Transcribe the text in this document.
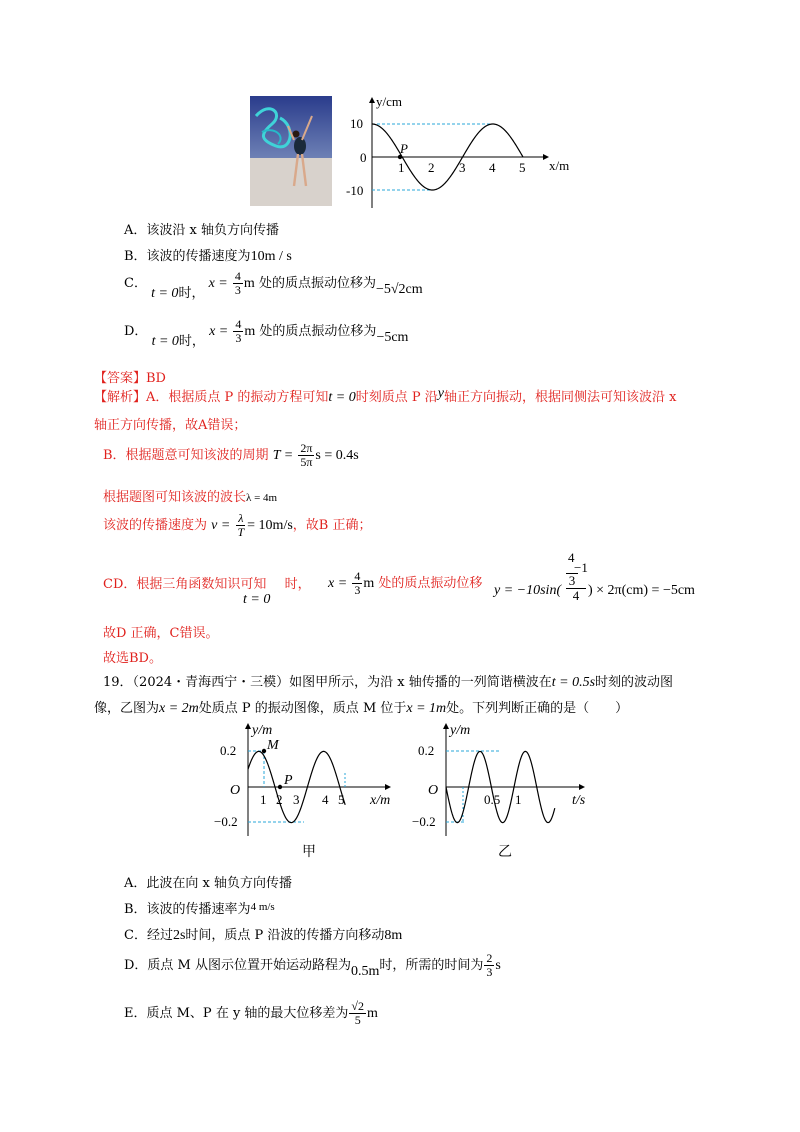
y/cm
x/m
P
10
0
-10
1 2 3 4 5
A．该波沿 x 轴负方向传播
B．该波的传播速度为10m / s
C． t = 0时， $x = \frac{4}{3}$ m 处的质点振动位移为−5√2cm
D． t = 0时， $x = \frac{4}{3}$ m 处的质点振动位移为−5cm
【答案】BD
【解析】A．根据质点 P 的振动方程可知t = 0时刻质点 P 沿y轴正方向振动，根据同侧法可知该波沿 x
轴正方向传播，故A错误；
B．根据题意可知该波的周期 $T = \frac{2\pi}{5\pi}$ s = 0.4s
根据题图可知该波的波长λ = 4m
该波的传播速度为 $v = \frac{\lambda}{T} = 10m/s$，故B 正确；
CD．根据三角函数知识可知 时，
t = 0
$x = \frac{4}{3}$ m 处的质点振动位移 y = −10sin(
4
−1
3
4 ) × 2π(cm) = −5cm
故D 正确，C错误。
故选BD。
19．（2024・青海西宁・三模）如图甲所示，为沿 x 轴传播的一列简谐横波在t = 0.5s时刻的波动图
像，乙图为x = 2m处质点 P 的振动图像，质点 M 位于x = 1m处。下列判断正确的是（　　）
y/m
x/m
O
M
P
0.2
−0.2
1 2 3 4 5
甲
y/m
t/s
O
0.2
−0.2
0.5 1
乙
A．此波在向 x 轴负方向传播
B．该波的传播速率为$^{4 m/s}$
C．经过2s时间，质点 P 沿波的传播方向移动8m
D．质点 M 从图示位置开始运动路程为0.5m时，所需的时间为 $\frac{2}{3}$ s
E．质点 M、P 在 y 轴的最大位移差为 $\frac{√2}{5}$ m
